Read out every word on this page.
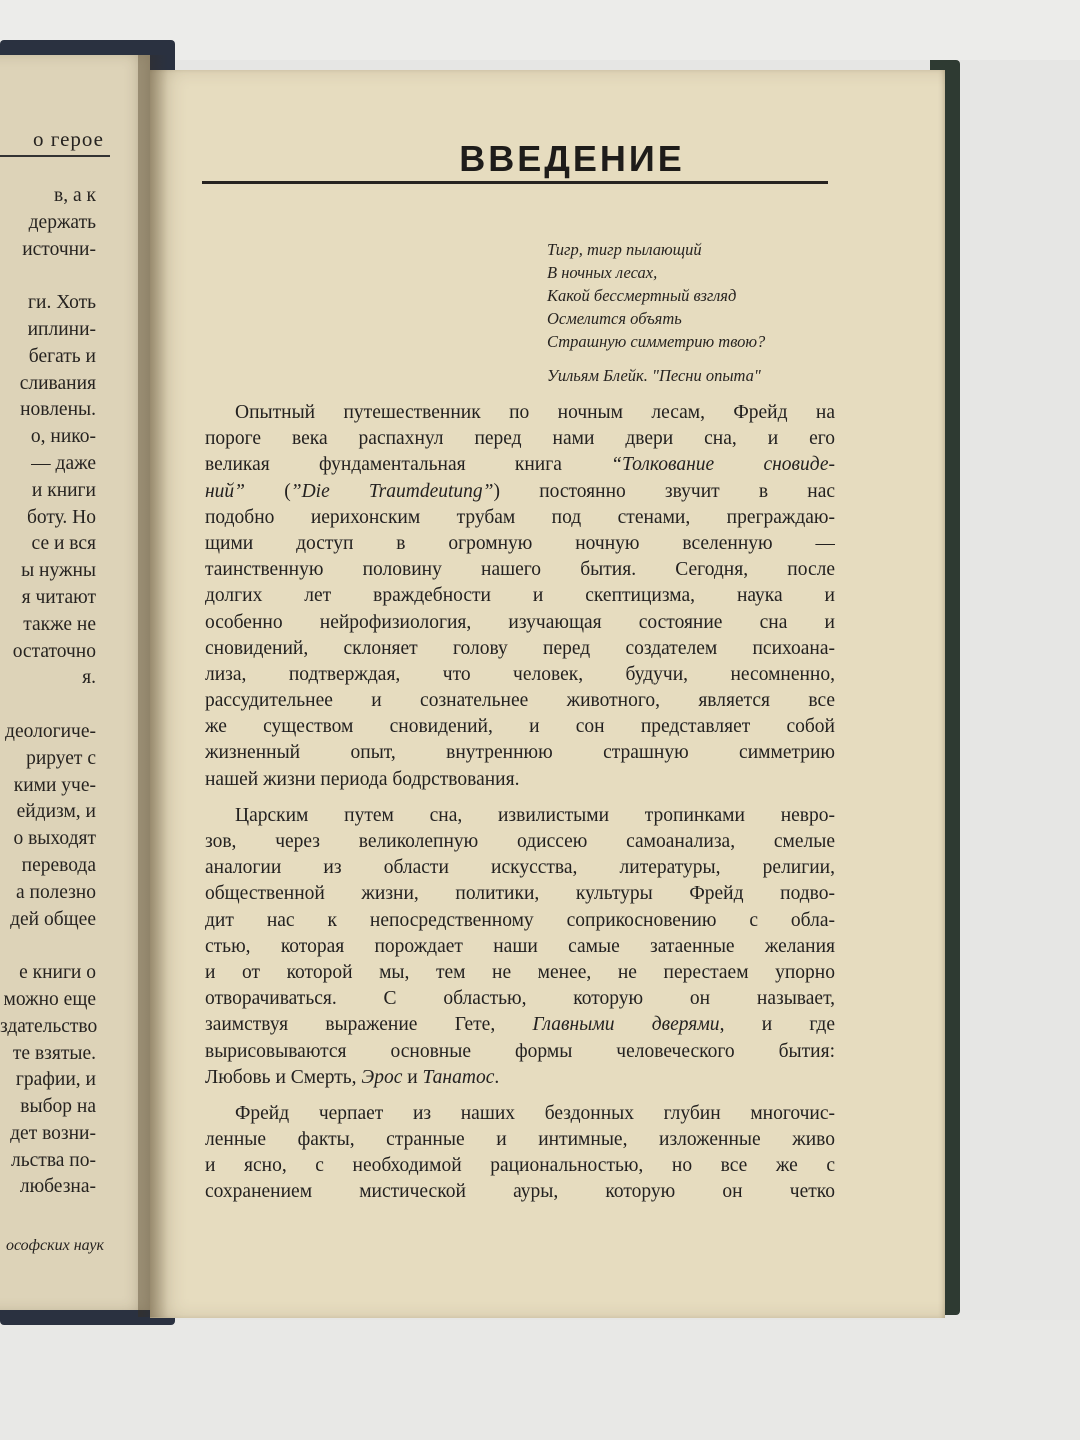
о герое
в, а к
держать
источни-
ги. Хоть
иплини-
бегать и
сливания
новлены.
о, нико-
— даже
и книги
боту. Но
се и вся
ы нужны
я читают
также не
остаточно
я.
деологиче-
рирует с
кими уче-
ейдизм, и
о выходят
перевода
а полезно
дей общее
е книги о
можно еще
здательство
те взятые.
графии, и
выбор на
дет возни-
льства по-
любезна-
ософских наук
ВВЕДЕНИЕ
Тигр, тигр пылающий
В ночных лесах,
Какой бессмертный взгляд
Осмелится объять
Страшную симметрию твою?
Уильям Блейк. "Песни опыта"
Опытный путешественник по ночным лесам, Фрейд на
пороге века распахнул перед нами двери сна, и его
великая фундаментальная книга “Толкование сновиде-
ний” (”Die Traumdeutung”) постоянно звучит в нас
подобно иерихонским трубам под стенами, преграждаю-
щими доступ в огромную ночную вселенную —
таинственную половину нашего бытия. Сегодня, после
долгих лет враждебности и скептицизма, наука и
особенно нейрофизиология, изучающая состояние сна и
сновидений, склоняет голову перед создателем психоана-
лиза, подтверждая, что человек, будучи, несомненно,
рассудительнее и сознательнее животного, является все
же существом сновидений, и сон представляет собой
жизненный опыт, внутреннюю страшную симметрию
нашей жизни периода бодрствования.
Царским путем сна, извилистыми тропинками невро-
зов, через великолепную одиссею самоанализа, смелые
аналогии из области искусства, литературы, религии,
общественной жизни, политики, культуры Фрейд подво-
дит нас к непосредственному соприкосновению с обла-
стью, которая порождает наши самые затаенные желания
и от которой мы, тем не менее, не перестаем упорно
отворачиваться. С областью, которую он называет,
заимствуя выражение Гете, Главными дверями, и где
вырисовываются основные формы человеческого бытия:
Любовь и Смерть, Эрос и Танатос.
Фрейд черпает из наших бездонных глубин многочис-
ленные факты, странные и интимные, изложенные живо
и ясно, с необходимой рациональностью, но все же с
сохранением мистической ауры, которую он четко
